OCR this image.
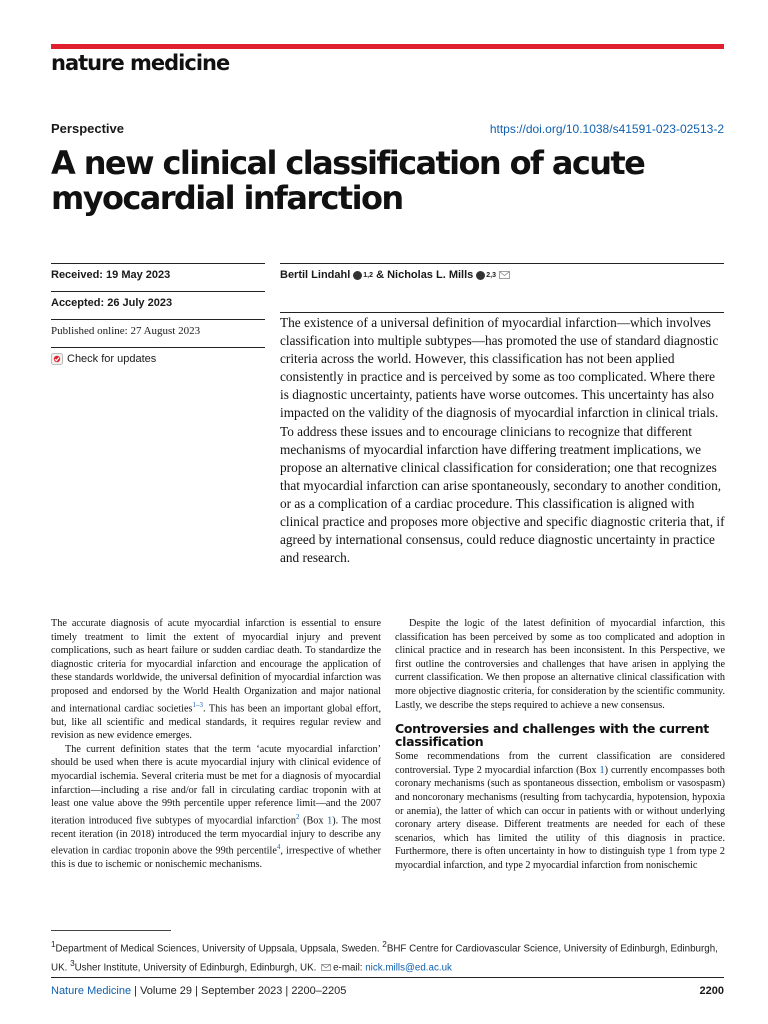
nature medicine
Perspective	https://doi.org/10.1038/s41591-023-02513-2
A new clinical classification of acute
myocardial infarction
Received: 19 May 2023
Accepted: 26 July 2023
Published online: 27 August 2023
Check for updates
Bertil Lindahl 1,2 & Nicholas L. Mills 2,3

The existence of a universal definition of myocardial infarction—which involves classification into multiple subtypes—has promoted the use of standard diagnostic criteria across the world. However, this classification has not been applied consistently in practice and is perceived by some as too complicated. Where there is diagnostic uncertainty, patients have worse outcomes. This uncertainty has also impacted on the validity of the diagnosis of myocardial infarction in clinical trials. To address these issues and to encourage clinicians to recognize that different mechanisms of myocardial infarction have differing treatment implications, we propose an alternative clinical classification for consideration; one that recognizes that myocardial infarction can arise spontaneously, secondary to another condition, or as a complication of a cardiac procedure. This classification is aligned with clinical practice and proposes more objective and specific diagnostic criteria that, if agreed by international consensus, could reduce diagnostic uncertainty in practice and research.

The accurate diagnosis of acute myocardial infarction is essential to ensure timely treatment to limit the extent of myocardial injury and prevent complications, such as heart failure or sudden cardiac death. To standardize the diagnostic criteria for myocardial infarction and encourage the application of these standards worldwide, the universal definition of myocardial infarction was proposed and endorsed by the World Health Organization and major national and international cardiac societies$^{1-3}$. This has been an important global effort, but, like all scientific and medical standards, it requires regular review and revision as new evidence emerges.

The current definition states that the term ‘acute myocardial infarction’ should be used when there is acute myocardial injury with clinical evidence of myocardial ischemia. Several criteria must be met for a diagnosis of myocardial infarction—including a rise and/or fall in circulating cardiac troponin with at least one value above the 99th percentile upper reference limit—and the 2007 iteration introduced five subtypes of myocardial infarction$^2$ (Box 1). The most recent iteration (in 2018) introduced the term myocardial injury to describe any elevation in cardiac troponin above the 99th percentile$^4$, irrespective of whether this is due to ischemic or nonischemic mechanisms.

Despite the logic of the latest definition of myocardial infarction, this classification has been perceived by some as too complicated and adoption in clinical practice and in research has been inconsistent. In this Perspective, we first outline the controversies and challenges that have arisen in applying the current classification. We then propose an alternative clinical classification with more objective diagnostic criteria, for consideration by the scientific community. Lastly, we describe the steps required to achieve a new consensus.

Controversies and challenges with the current classification

Some recommendations from the current classification are considered controversial. Type 2 myocardial infarction (Box 1) currently encompasses both coronary mechanisms (such as spontaneous dissection, embolism or vasospasm) and noncoronary mechanisms (resulting from tachycardia, hypotension, hypoxia or anemia), the latter of which can occur in patients with or without underlying coronary artery disease. Different treatments are needed for each of these scenarios, which has limited the utility of this diagnosis in practice. Furthermore, there is often uncertainty in how to distinguish type 1 from type 2 myocardial infarction, and type 2 myocardial infarction from nonischemic

$^1$Department of Medical Sciences, University of Uppsala, Uppsala, Sweden. $^2$BHF Centre for Cardiovascular Science, University of Edinburgh, Edinburgh, UK. $^3$Usher Institute, University of Edinburgh, Edinburgh, UK. e-mail: nick.mills@ed.ac.uk
Nature Medicine | Volume 29 | September 2023 | 2200–2205	2200
